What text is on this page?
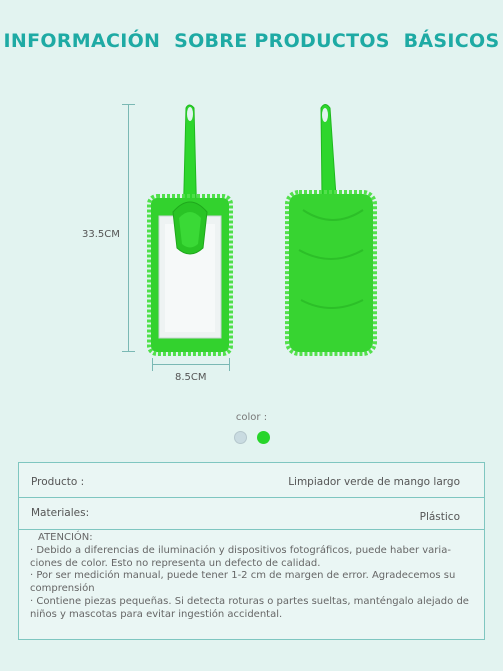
INFORMACIÓN  SOBRE PRODUCTOS  BÁSICOS
33.5CM
8.5CM
color :
Producto :	Limpiador verde de mango largo
Materiales:	Plástico
ATENCIÓN:
· Debido a diferencias de iluminación y dispositivos fotográficos, puede haber varia-ciones de color. Esto no representa un defecto de calidad.
· Por ser medición manual, puede tener 1-2 cm de margen de error. Agradecemos su comprensión
· Contiene piezas pequeñas. Si detecta roturas o partes sueltas, manténgalo alejado de niños y mascotas para evitar ingestión accidental.
